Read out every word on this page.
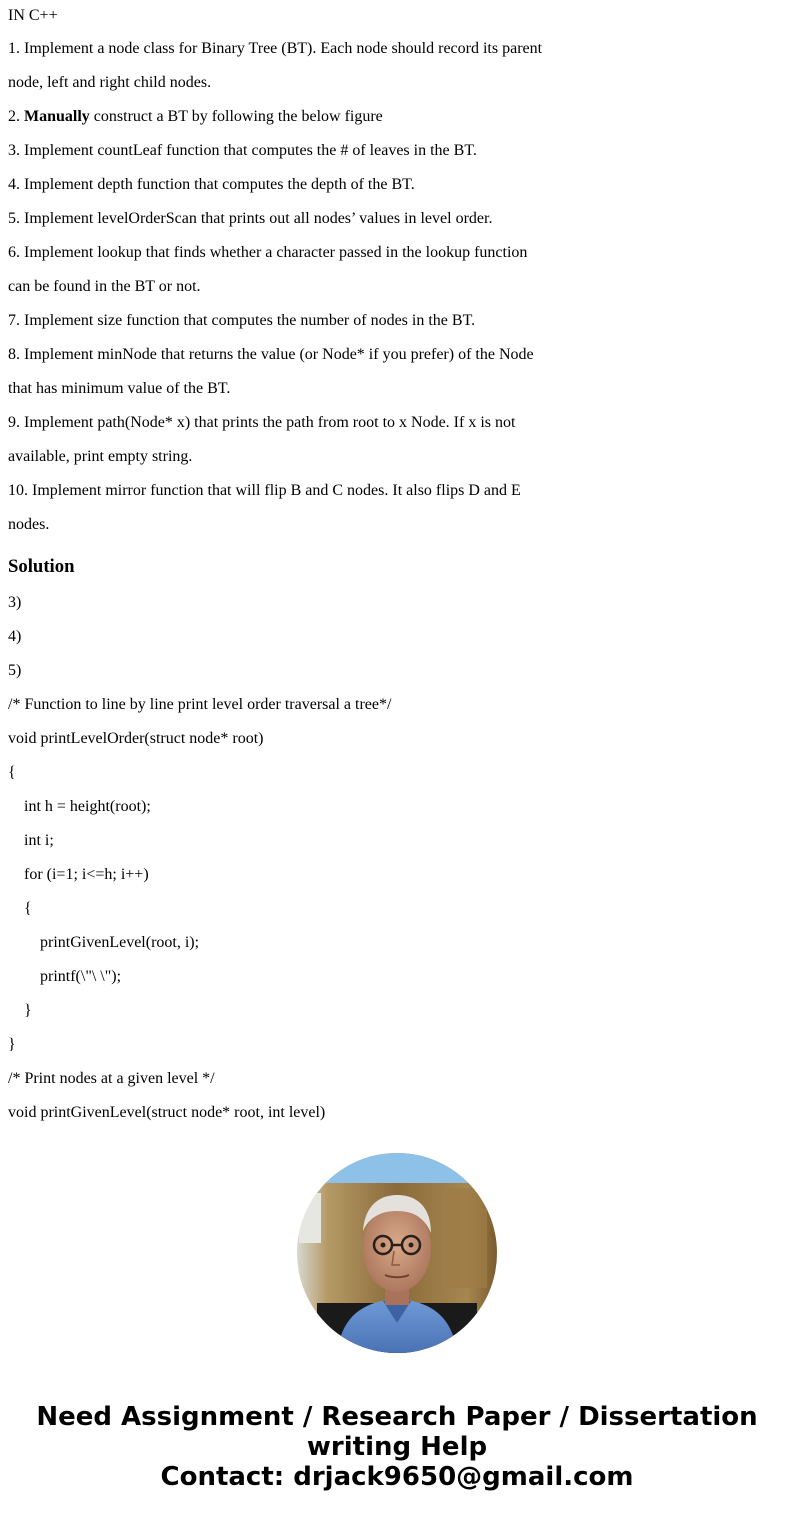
IN C++

1. Implement a node class for Binary Tree (BT). Each node should record its parent

node, left and right child nodes.

2. Manually construct a BT by following the below figure

3. Implement countLeaf function that computes the # of leaves in the BT.

4. Implement depth function that computes the depth of the BT.

5. Implement levelOrderScan that prints out all nodes’ values in level order.

6. Implement lookup that finds whether a character passed in the lookup function

can be found in the BT or not.

7. Implement size function that computes the number of nodes in the BT.

8. Implement minNode that returns the value (or Node* if you prefer) of the Node

that has minimum value of the BT.

9. Implement path(Node* x) that prints the path from root to x Node. If x is not

available, print empty string.

10. Implement mirror function that will flip B and C nodes. It also flips D and E

nodes.

Solution

3)

4)

5)

/* Function to line by line print level order traversal a tree*/

void printLevelOrder(struct node* root)

{

int h = height(root);

int i;

for (i=1; i<=h; i++)

{

printGivenLevel(root, i);

printf(\"\ \");

}

}

/* Print nodes at a given level */

void printGivenLevel(struct node* root, int level)

Need Assignment / Research Paper / Dissertation
writing Help
Contact: drjack9650@gmail.com
